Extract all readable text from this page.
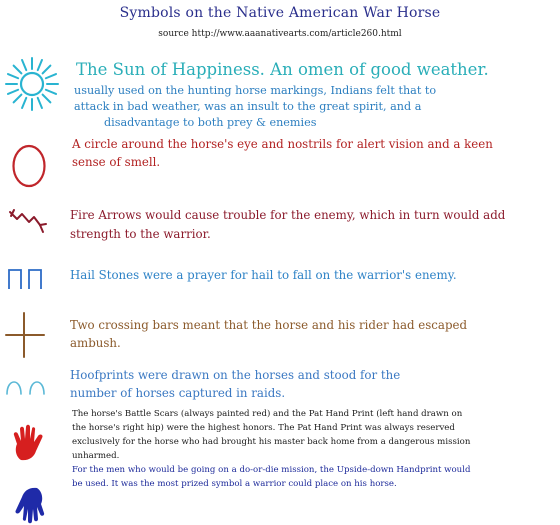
Symbols on the Native American War Horse
source http://www.aaanativearts.com/article260.html
The Sun of Happiness. An omen of good weather.
usually used on the hunting horse markings, Indians felt that to
attack in bad weather, was an insult to the great spirit, and a
disadvantage to both prey & enemies
A circle around the horse's eye and nostrils for alert vision and a keen sense of smell.
Fire Arrows would cause trouble for the enemy, which in turn would add strength to the warrior.
Hail Stones were a prayer for hail to fall on the warrior's enemy.
Two crossing bars meant that the horse and his rider had escaped ambush.
Hoofprints were drawn on the horses and stood for the number of horses captured in raids.

The horse's Battle Scars (always painted red) and the Pat Hand Print (left hand drawn on the horse's right hip) were the highest honors. The Pat Hand Print was always reserved exclusively for the horse who had brought his master back home from a dangerous mission unharmed.

For the men who would be going on a do-or-die mission, the Upside-down Handprint would be used. It was the most prized symbol a warrior could place on his horse.
